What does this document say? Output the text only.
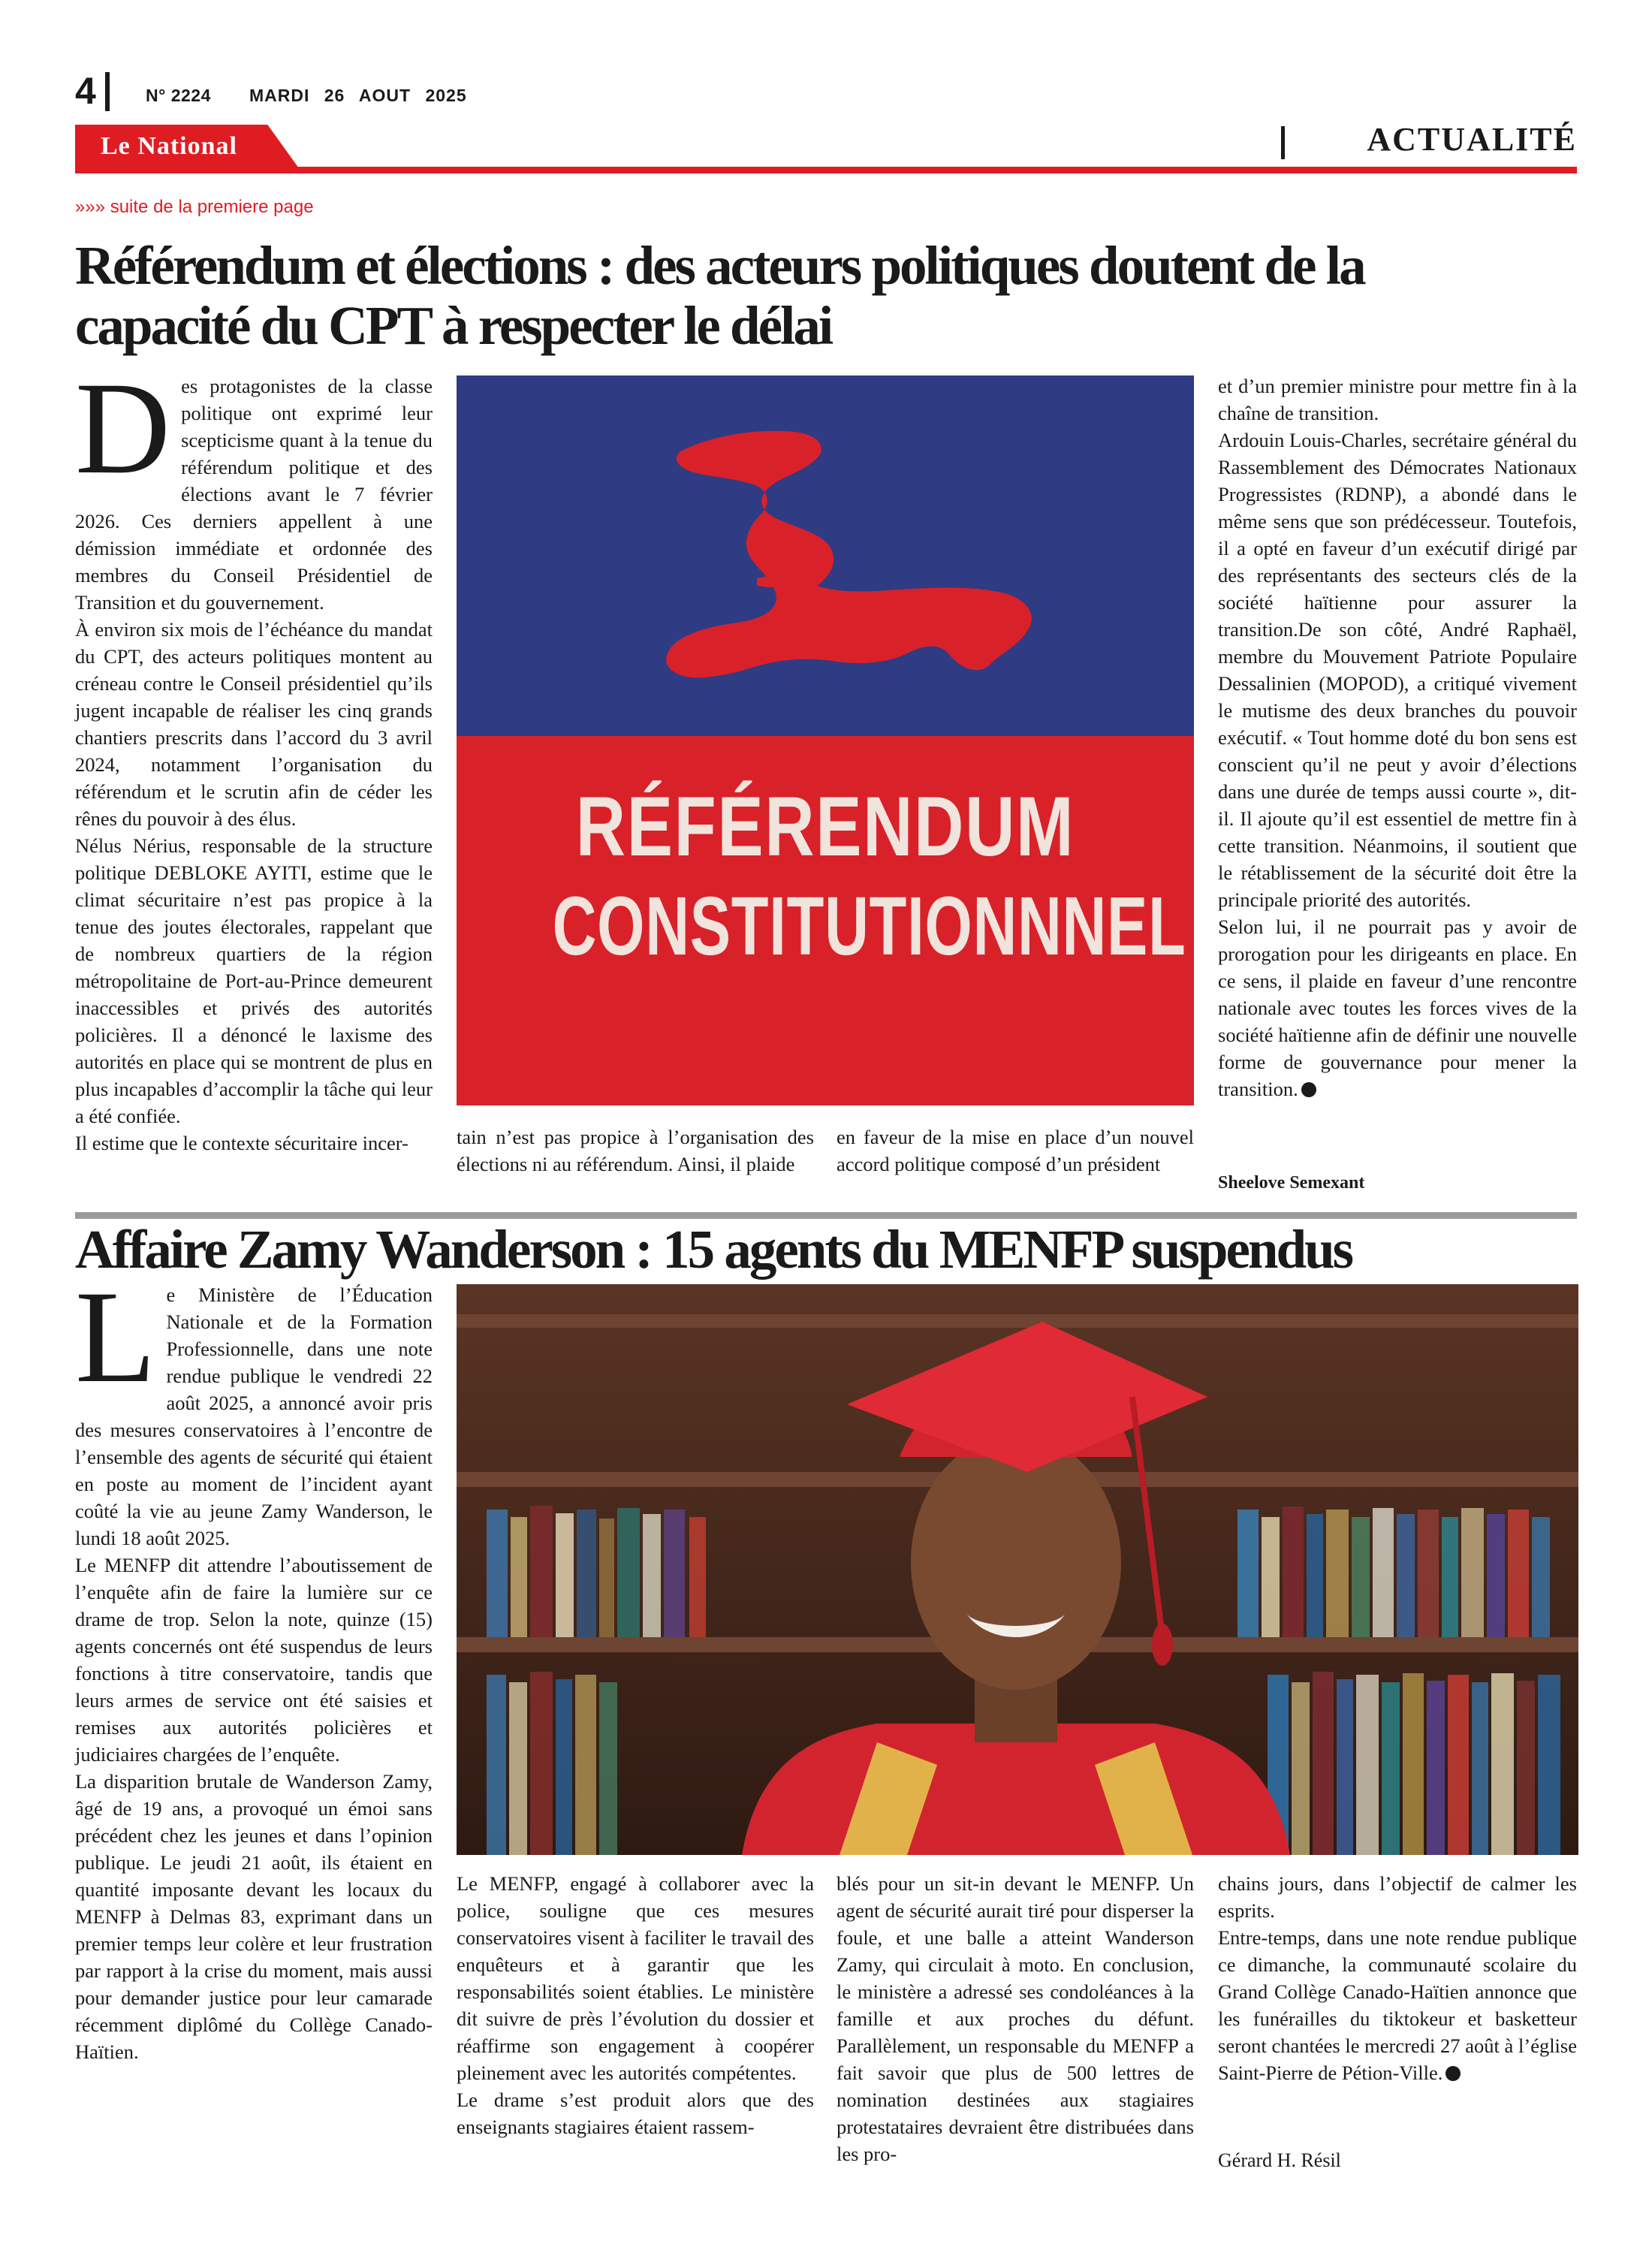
4	N° 2224 MARDI 26 AOUT 2025
Le National	ACTUALITÉ
»»» suite de la premiere page
Référendum et élections : des acteurs politiques doutent de la
capacité du CPT à respecter le délai

Des protagonistes de la classe politique ont exprimé leur scepticisme quant à la tenue du référendum politique et des élections avant le 7 février 2026. Ces derniers appellent à une démission immédiate et ordonnée des membres du Conseil Présidentiel de Transition et du gouvernement.

À environ six mois de l’échéance du mandat du CPT, des acteurs politiques montent au créneau contre le Conseil présidentiel qu’ils jugent incapable de réaliser les cinq grands chantiers prescrits dans l’accord du 3 avril 2024, notamment l’organisation du référendum et le scrutin afin de céder les rênes du pouvoir à des élus.

Nélus Nérius, responsable de la structure politique DEBLOKE AYITI, estime que le climat sécuritaire n’est pas propice à la tenue des joutes électorales, rappelant que de nombreux quartiers de la région métropolitaine de Port-au-Prince demeurent inaccessibles et privés des autorités policières. Il a dénoncé le laxisme des autorités en place qui se montrent de plus en plus incapables d’accomplir la tâche qui leur a été confiée.

Il estime que le contexte sécuritaire incer-

RÉFÉRENDUM
CONSTITUTIONNNEL

tain n’est pas propice à l’organisation des élections ni au référendum. Ainsi, il plaide

en faveur de la mise en place d’un nouvel accord politique composé d’un président

et d’un premier ministre pour mettre fin à la chaîne de transition.

Ardouin Louis-Charles, secrétaire général du Rassemblement des Démocrates Nationaux Progressistes (RDNP), a abondé dans le même sens que son prédécesseur. Toutefois, il a opté en faveur d’un exécutif dirigé par des représentants des secteurs clés de la société haïtienne pour assurer la transition.De son côté, André Raphaël, membre du Mouvement Patriote Populaire Dessalinien (MOPOD), a critiqué vivement le mutisme des deux branches du pouvoir exécutif. « Tout homme doté du bon sens est conscient qu’il ne peut y avoir d’élections dans une durée de temps aussi courte », dit-il. Il ajoute qu’il est essentiel de mettre fin à cette transition. Néanmoins, il soutient que le rétablissement de la sécurité doit être la principale priorité des autorités.

Selon lui, il ne pourrait pas y avoir de prorogation pour les dirigeants en place. En ce sens, il plaide en faveur d’une rencontre nationale avec toutes les forces vives de la société haïtienne afin de définir une nouvelle forme de gouvernance pour mener la transition.

Sheelove Semexant
Affaire Zamy Wanderson : 15 agents du MENFP suspendus

Le Ministère de l’Éducation Nationale et de la Formation Professionnelle, dans une note rendue publique le vendredi 22 août 2025, a annoncé avoir pris des mesures conservatoires à l’encontre de l’ensemble des agents de sécurité qui étaient en poste au moment de l’incident ayant coûté la vie au jeune Zamy Wanderson, le lundi 18 août 2025.

Le MENFP dit attendre l’aboutissement de l’enquête afin de faire la lumière sur ce drame de trop. Selon la note, quinze (15) agents concernés ont été suspendus de leurs fonctions à titre conservatoire, tandis que leurs armes de service ont été saisies et remises aux autorités policières et judiciaires chargées de l’enquête.

La disparition brutale de Wanderson Zamy, âgé de 19 ans, a provoqué un émoi sans précédent chez les jeunes et dans l’opinion publique. Le jeudi 21 août, ils étaient en quantité imposante devant les locaux du MENFP à Delmas 83, exprimant dans un premier temps leur colère et leur frustration par rapport à la crise du moment, mais aussi pour demander justice pour leur camarade récemment diplômé du Collège Canado-Haïtien.

Le MENFP, engagé à collaborer avec la police, souligne que ces mesures conservatoires visent à faciliter le travail des enquêteurs et à garantir que les responsabilités soient établies. Le ministère dit suivre de près l’évolution du dossier et réaffirme son engagement à coopérer pleinement avec les autorités compétentes.

Le drame s’est produit alors que des enseignants stagiaires étaient rassem-

blés pour un sit-in devant le MENFP. Un agent de sécurité aurait tiré pour disperser la foule, et une balle a atteint Wanderson Zamy, qui circulait à moto. En conclusion, le ministère a adressé ses condoléances à la famille et aux proches du défunt. Parallèlement, un responsable du MENFP a fait savoir que plus de 500 lettres de nomination destinées aux stagiaires protestataires devraient être distribuées dans les pro-

chains jours, dans l’objectif de calmer les esprits.

Entre-temps, dans une note rendue publique ce dimanche, la communauté scolaire du Grand Collège Canado-Haïtien annonce que les funérailles du tiktokeur et basketteur seront chantées le mercredi 27 août à l’église Saint-Pierre de Pétion-Ville.

Gérard H. Résil
